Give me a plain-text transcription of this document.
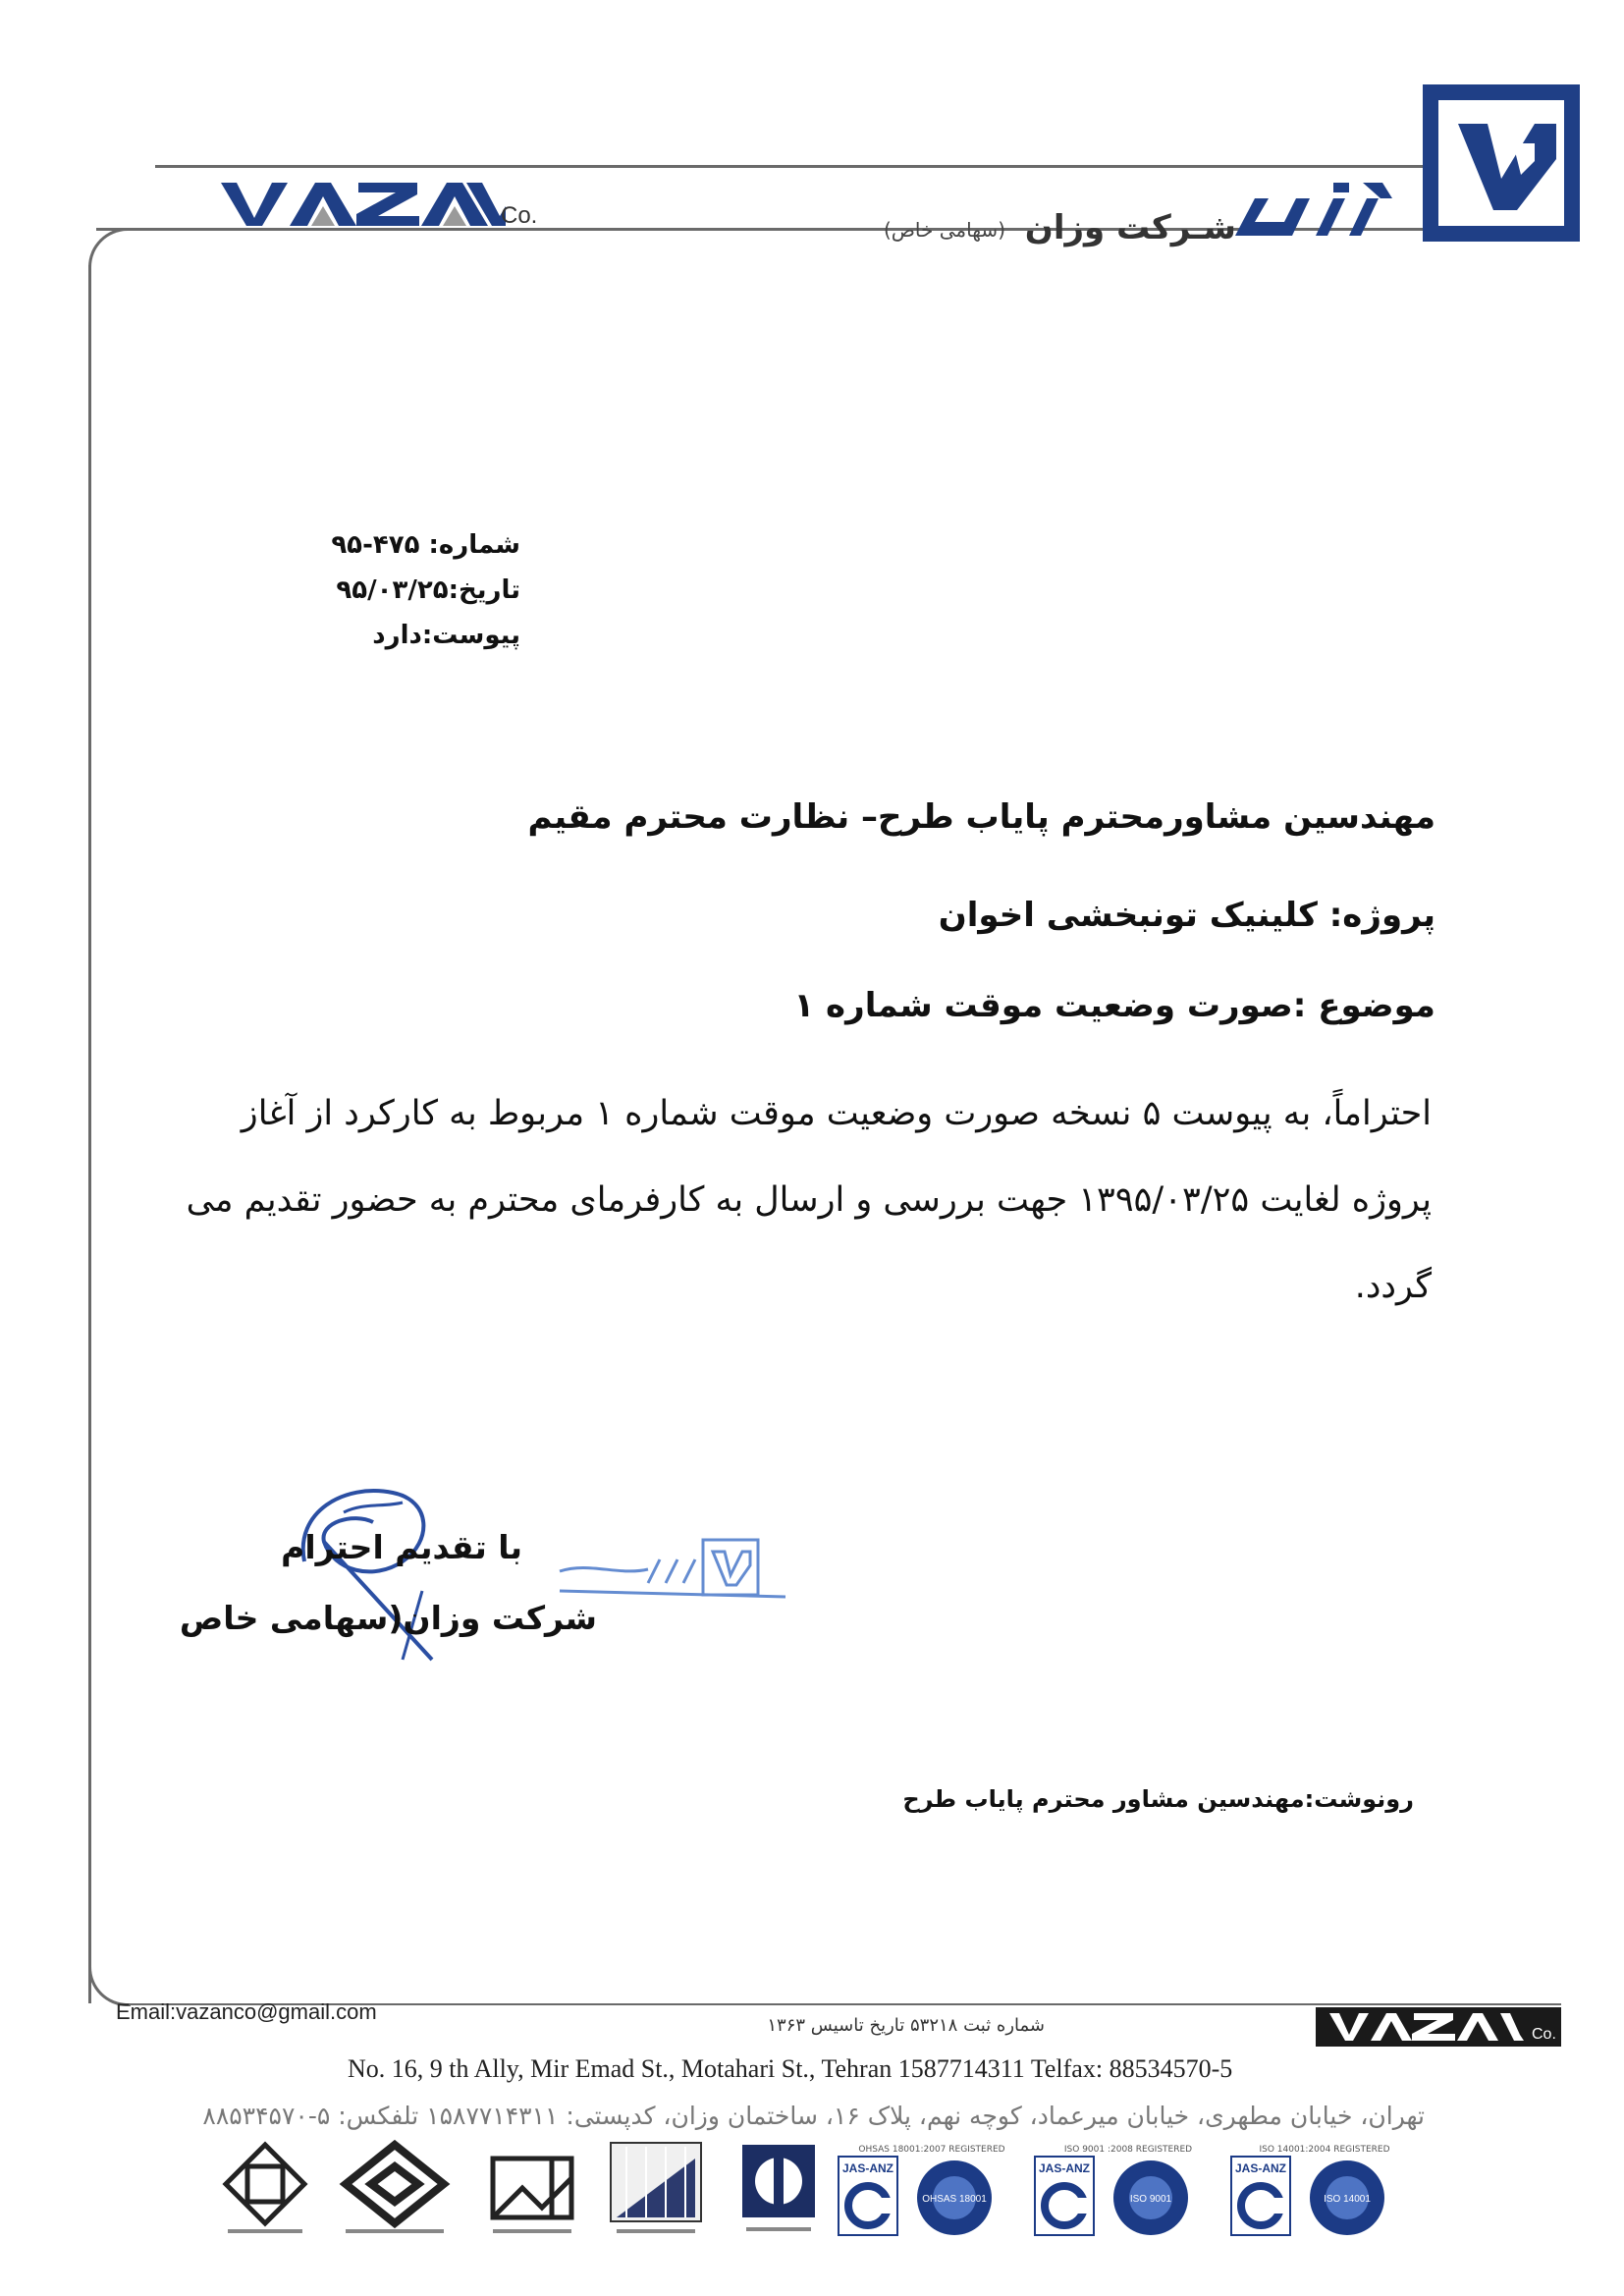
Co.	شـرکت وزان
(سهامی خاص)
شماره: ۴۷۵-۹۵
تاریخ:۹۵/۰۳/۲۵
پیوست:دارد
مهندسین مشاورمحترم پایاب طرح– نظارت محترم مقیم
پروژه: کلینیک تونبخشی اخوان
موضوع :صورت وضعیت موقت شماره ۱
احتراماً، به پیوست ۵ نسخه صورت وضعیت موقت شماره ۱ مربوط به کارکرد از آغاز پروژه لغایت ۱۳۹۵/۰۳/۲۵ جهت بررسی و ارسال به کارفرمای محترم به حضور تقدیم می گردد.
با تقدیم احترام
شرکت وزان(سهامی خاص
رونوشت:مهندسین مشاور محترم پایاب طرح
Email:vazanco@gmail.com
شماره ثبت ۵۳۲۱۸ تاریخ تاسیس ۱۳۶۳	Co.
No. 16, 9 th Ally, Mir Emad St., Motahari St., Tehran 1587714311 Telfax: 88534570-5
تهران، خیابان مطهری، خیابان میرعماد، کوچه نهم، پلاک ۱۶، ساختمان وزان، کدپستی: ۱۵۸۷۷۱۴۳۱۱ تلفکس: ۵-۸۸۵۳۴۵۷۰
OHSAS 18001:2007 REGISTERED
JAS-ANZ
OHSAS 18001
ISO 9001 :2008 REGISTERED
JAS-ANZ
ISO 9001
ISO 14001:2004 REGISTERED
JAS-ANZ
ISO 14001
